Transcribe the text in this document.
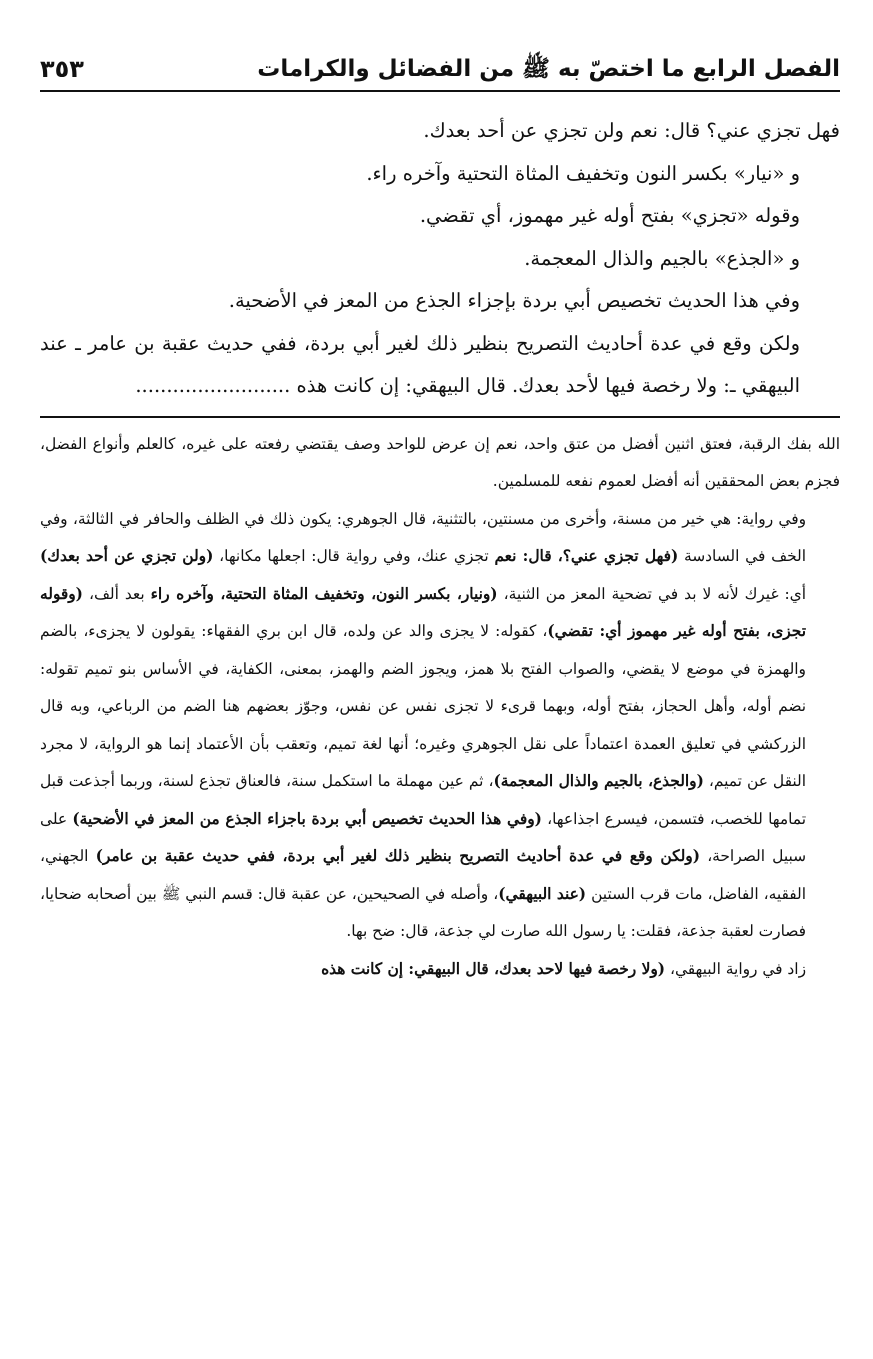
الفصل الرابع ما اختصّ به ﷺ من الفضائل والكرامات
٣٥٣

فهل تجزي عني؟ قال: نعم ولن تجزي عن أحد بعدك.

و «نيار» بكسر النون وتخفيف المثاة التحتية وآخره راء.

وقوله «تجزي» بفتح أوله غير مهموز، أي تقضي.

و «الجذع» بالجيم والذال المعجمة.

وفي هذا الحديث تخصيص أبي بردة بإجزاء الجذع من المعز في الأضحية.

ولكن وقع في عدة أحاديث التصريح بنظير ذلك لغير أبي بردة، ففي حديث عقبة بن عامر ـ عند البيهقي ـ: ولا رخصة فيها لأحد بعدك. قال البيهقي: إن كانت هذه .........................

الله بفك الرقبة، فعتق اثنين أفضل من عتق واحد، نعم إن عرض للواحد وصف يقتضي رفعته على غيره، كالعلم وأنواع الفضل، فجزم بعض المحققين أنه أفضل لعموم نفعه للمسلمين.

وفي رواية: هي خير من مسنة، وأخرى من مسنتين، بالتثنية، قال الجوهري: يكون ذلك في الظلف والحافر في الثالثة، وفي الخف في السادسة (فهل تجزي عني؟، قال: نعم تجزي عنك، وفي رواية قال: اجعلها مكانها، (ولن تجزي عن أحد بعدك) أي: غيرك لأنه لا بد في تضحية المعز من الثنية، (ونيار، بكسر النون، وتخفيف المثاة التحتية، وآخره راء بعد ألف، (وقوله تجزى، بفتح أوله غير مهموز أي: تقضي)، كقوله: لا يجزى والد عن ولده، قال ابن بري الفقهاء: يقولون لا يجزىء، بالضم والهمزة في موضع لا يقضي، والصواب الفتح بلا همز، ويجوز الضم والهمز، بمعنى، الكفاية، في الأساس بنو تميم تقوله: نضم أوله، وأهل الحجاز، بفتح أوله، وبهما قرىء لا تجزى نفس عن نفس، وجوّز بعضهم هنا الضم من الرباعي، وبه قال الزركشي في تعليق العمدة اعتماداً على نقل الجوهري وغيره؛ أنها لغة تميم، وتعقب بأن الأعتماد إنما هو الرواية، لا مجرد النقل عن تميم، (والجذع، بالجيم والذال المعجمة)، ثم عين مهملة ما استكمل سنة، فالعناق تجذع لسنة، وربما أجذعت قبل تمامها للخصب، فتسمن، فيسرع اجذاعها، (وفي هذا الحديث تخصيص أبي بردة باجزاء الجذع من المعز في الأضحية) على سبيل الصراحة، (ولكن وقع في عدة أحاديث التصريح بنظير ذلك لغير أبي بردة، ففي حديث عقبة بن عامر) الجهني، الفقيه، الفاضل، مات قرب الستين (عند البيهقي)، وأصله في الصحيحين، عن عقبة قال: قسم النبي ﷺ بين أصحابه ضحايا، فصارت لعقبة جذعة، فقلت: يا رسول الله صارت لي جذعة، قال: ضح بها.

زاد في رواية البيهقي، (ولا رخصة فيها لاحد بعدك، قال البيهقي: إن كانت هذه
